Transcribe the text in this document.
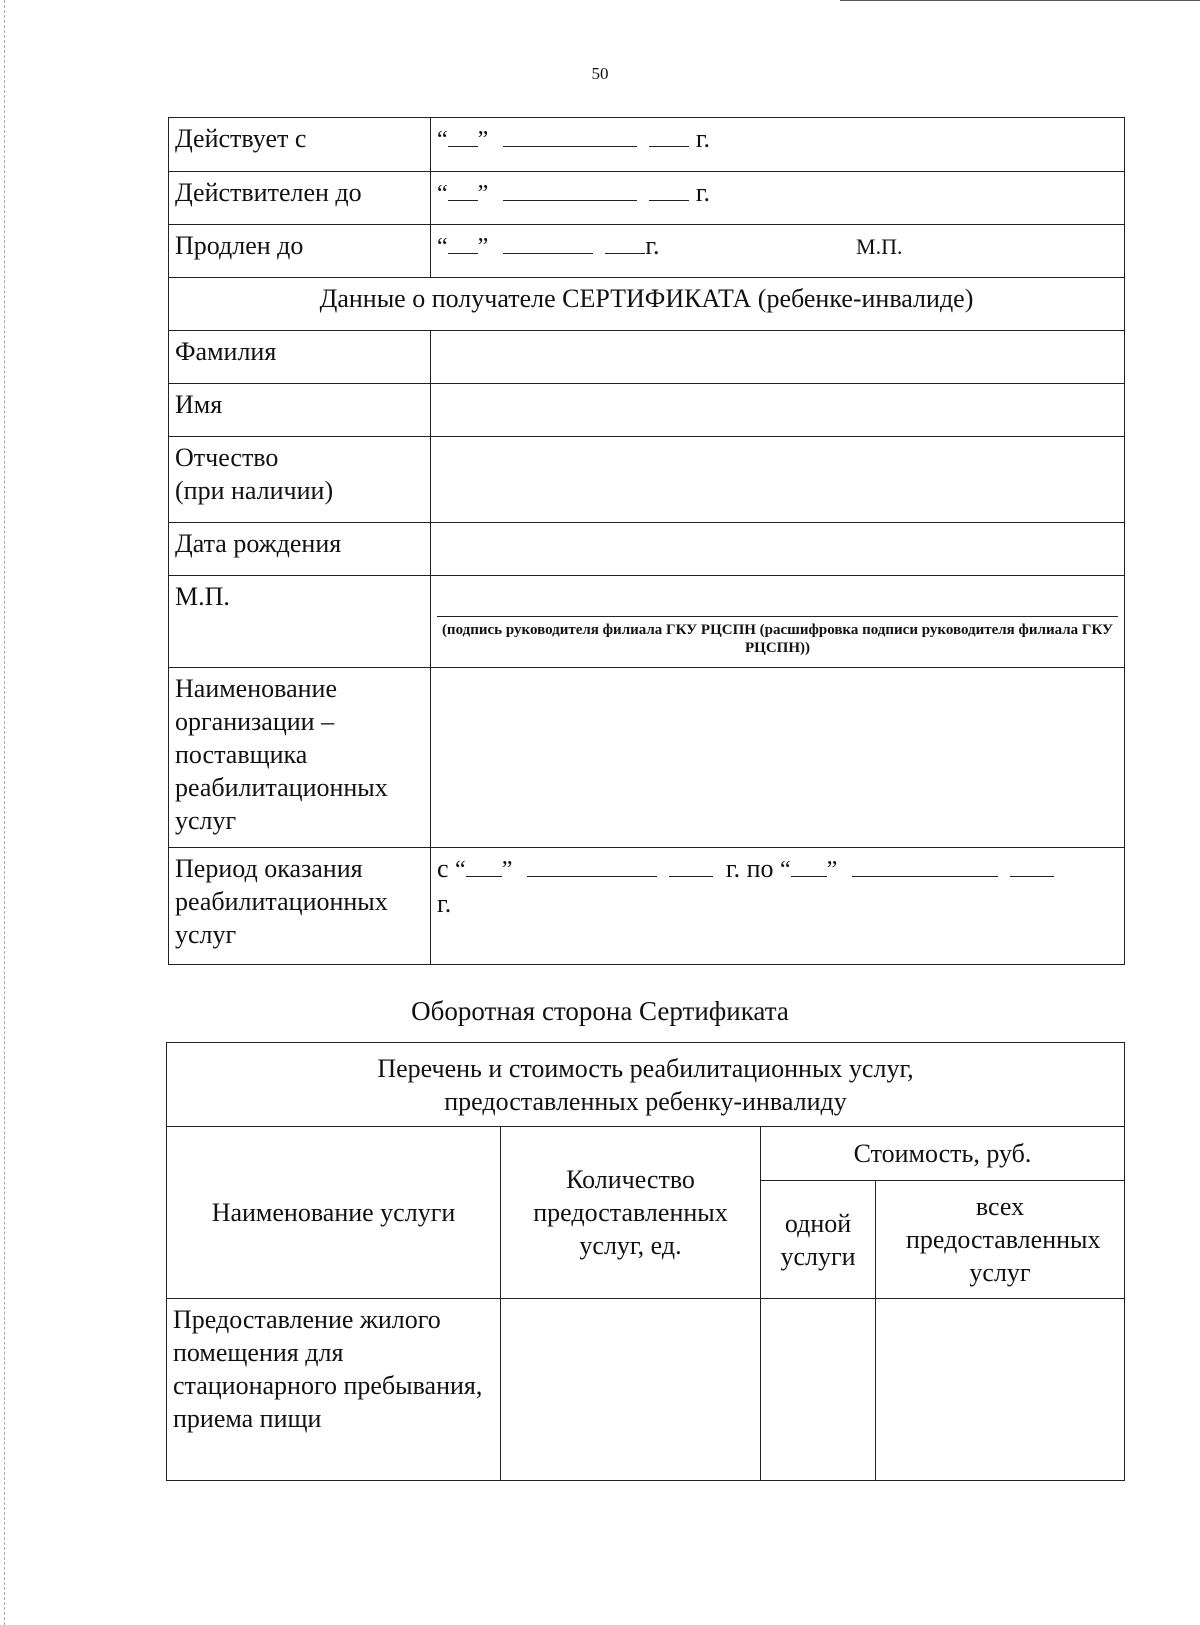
50
Действует с	“ ” г.
Действителен до	“ ” г.
Продлен до	“ ” г. М.П.
Данные о получателе СЕРТИФИКАТА (ребенке-инвалиде)	
Фамилия	
Имя	

Отчество
(при наличии)	

Дата рождения	
М.П.	(подпись руководителя филиала ГКУ РЦСПН (расшифровка подписи руководителя филиала ГКУ РЦСПН))

Наименование организации – поставщика реабилитационных услуг	
Период оказания реабилитационных услуг	с “ ” г. по “ ”
г.
Оборотная сторона Сертификата
Перечень и стоимость реабилитационных услуг, предоставленных ребенку-инвалиду			
Наименование услуги	Количество предоставленных услуг, ед.	Стоимость, руб.	
		одной услуги	всех предоставленных услуг
Предоставление жилого помещения для стационарного пребывания, приема пищи			
